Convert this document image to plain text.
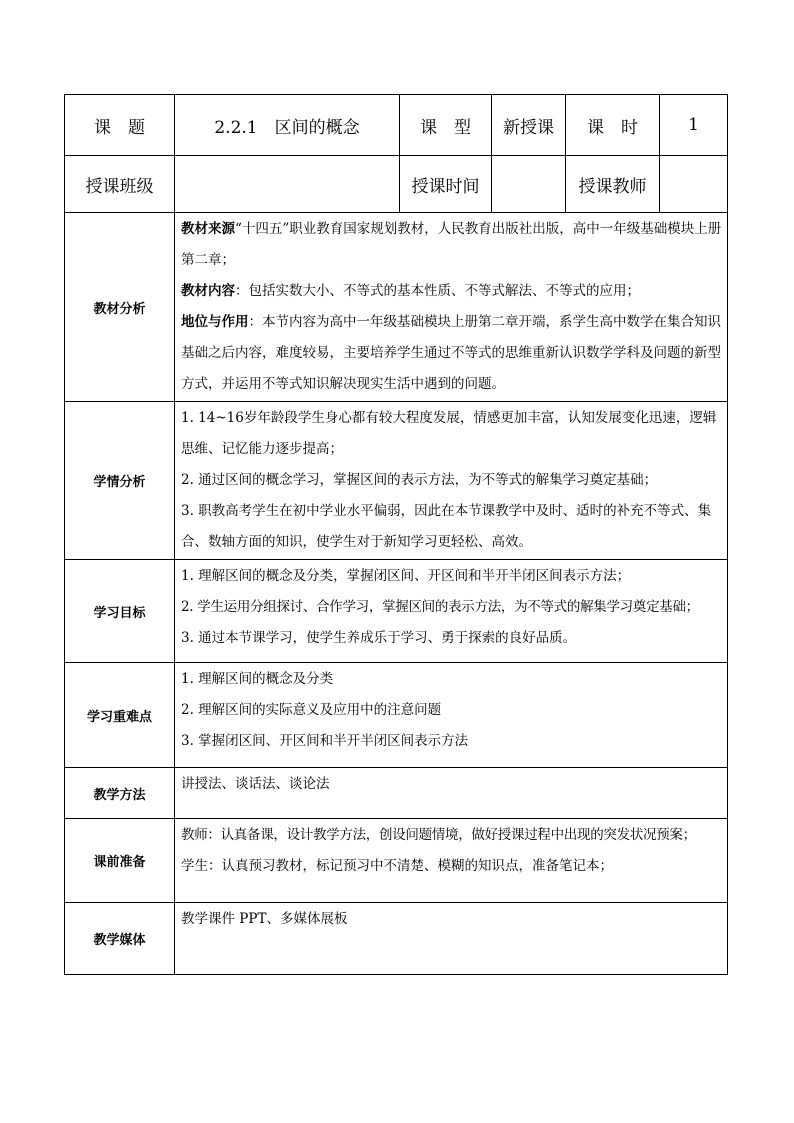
课　题	2.2.1　区间的概念	课　型	新授课	课　时	1
授课班级		授课时间		授课教师	
教材分析	教材来源“十四五”职业教育国家规划教材，人民教育出版社出版，高中一年级基础模块上册第二章；

教材内容：包括实数大小、不等式的基本性质、不等式解法、不等式的应用；

地位与作用：本节内容为高中一年级基础模块上册第二章开端，系学生高中数学在集合知识基础之后内容，难度较易，主要培养学生通过不等式的思维重新认识数学学科及问题的新型方式，并运用不等式知识解决现实生活中遇到的问题。				

学情分析	1. 14~16岁年龄段学生身心都有较大程度发展，情感更加丰富，认知发展变化迅速，逻辑思维、记忆能力逐步提高；

2. 通过区间的概念学习，掌握区间的表示方法，为不等式的解集学习奠定基础；

3. 职教高考学生在初中学业水平偏弱，因此在本节课教学中及时、适时的补充不等式、集合、数轴方面的知识，使学生对于新知学习更轻松、高效。				

学习目标	1. 理解区间的概念及分类，掌握闭区间、开区间和半开半闭区间表示方法；

2. 学生运用分组探讨、合作学习，掌握区间的表示方法，为不等式的解集学习奠定基础；

3. 通过本节课学习，使学生养成乐于学习、勇于探索的良好品质。				

学习重难点	1. 理解区间的概念及分类

2. 理解区间的实际意义及应用中的注意问题

3. 掌握闭区间、开区间和半开半闭区间表示方法				

教学方法	讲授法、谈话法、谈论法				

课前准备	教师：认真备课，设计教学方法，创设问题情境，做好授课过程中出现的突发状况预案；

学生：认真预习教材，标记预习中不清楚、模糊的知识点，准备笔记本；				

教学媒体	教学课件 PPT、多媒体展板				
